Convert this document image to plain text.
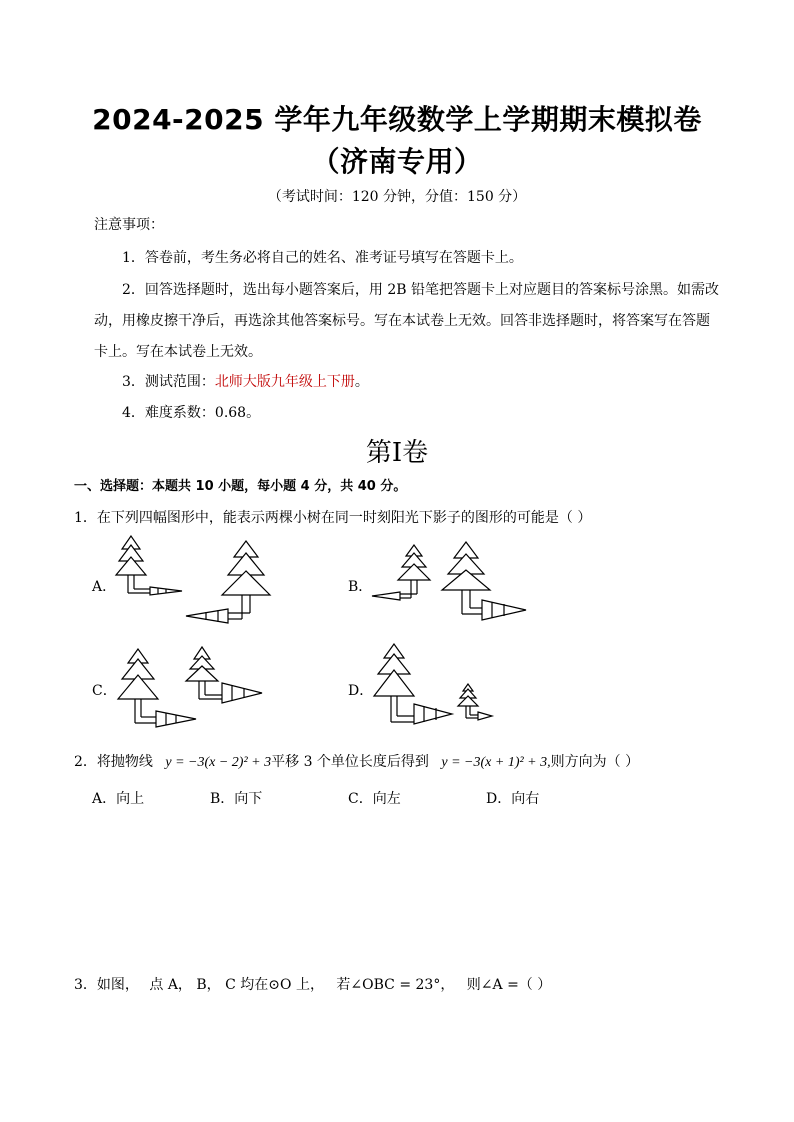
2024-2025 学年九年级数学上学期期末模拟卷
（济南专用）
（考试时间：120 分钟，分值：150 分）
注意事项：
1．答卷前，考生务必将自己的姓名、准考证号填写在答题卡上。
2．回答选择题时，选出每小题答案后，用 2B 铅笔把答题卡上对应题目的答案标号涂黑。如需改
动，用橡皮擦干净后，再选涂其他答案标号。写在本试卷上无效。回答非选择题时，将答案写在答题
卡上。写在本试卷上无效。
3．测试范围：北师大版九年级上下册。
4．难度系数：0.68。
第Ⅰ卷
一、选择题：本题共 10 小题，每小题 4 分，共 40 分。
1．在下列四幅图形中，能表示两棵小树在同一时刻阳光下影子的图形的可能是（ ）
A．	B．
C．	D．
2．将抛物线 y = −3(x − 2)² + 3平移 3 个单位长度后得到 y = −3(x + 1)² + 3,则方向为（ ）
A．向上	B．向下	C．向左	D．向右
3．如图， 点 A， B， C 均在⊙O 上， 若∠OBC = 23°， 则∠A =（ ）
